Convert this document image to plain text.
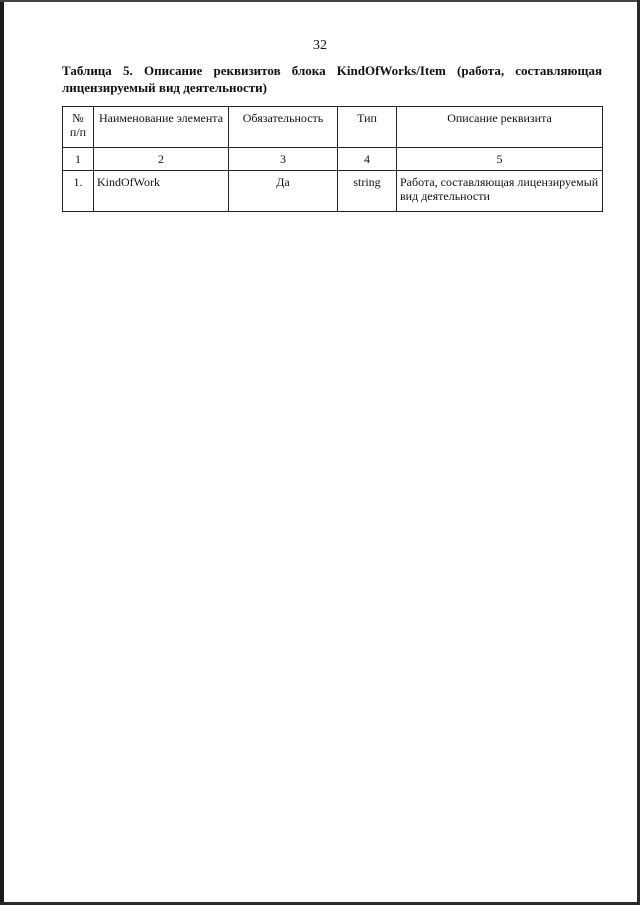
32
Таблица 5. Описание реквизитов блока KindOfWorks/Item (работа, составляющая лицензируемый вид деятельности)
№ п/п	Наименование элемента	Обязательность	Тип	Описание реквизита
1	2	3	4	5
1.	KindOfWork	Да	string	Работа, составляющая лицензируемый вид деятельности
